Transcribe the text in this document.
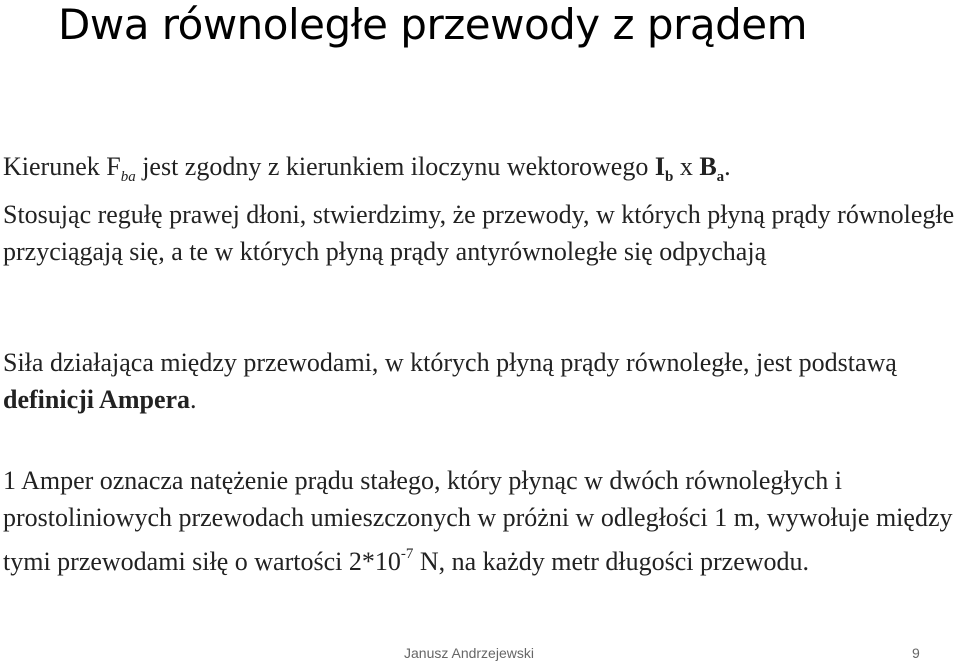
Dwa równoległe przewody z prądem
Kierunek $F_{ba}$ jest zgodny z kierunkiem iloczynu wektorowego $I_b$ x $B_a$.
Stosując regułę prawej dłoni, stwierdzimy, że przewody, w których płyną prądy równoległe przyciągają się, a te w których płyną prądy antyrównoległe się odpychają
Siła działająca między przewodami, w których płyną prądy równoległe, jest podstawą definicji Ampera.
1 Amper oznacza natężenie prądu stałego, który płynąc w dwóch równoległych i prostoliniowych przewodach umieszczonych w próżni w odległości 1 m, wywołuje między tymi przewodami siłę o wartości $2*10^{-7}$ N, na każdy metr długości przewodu.
Janusz Andrzejewski	9
